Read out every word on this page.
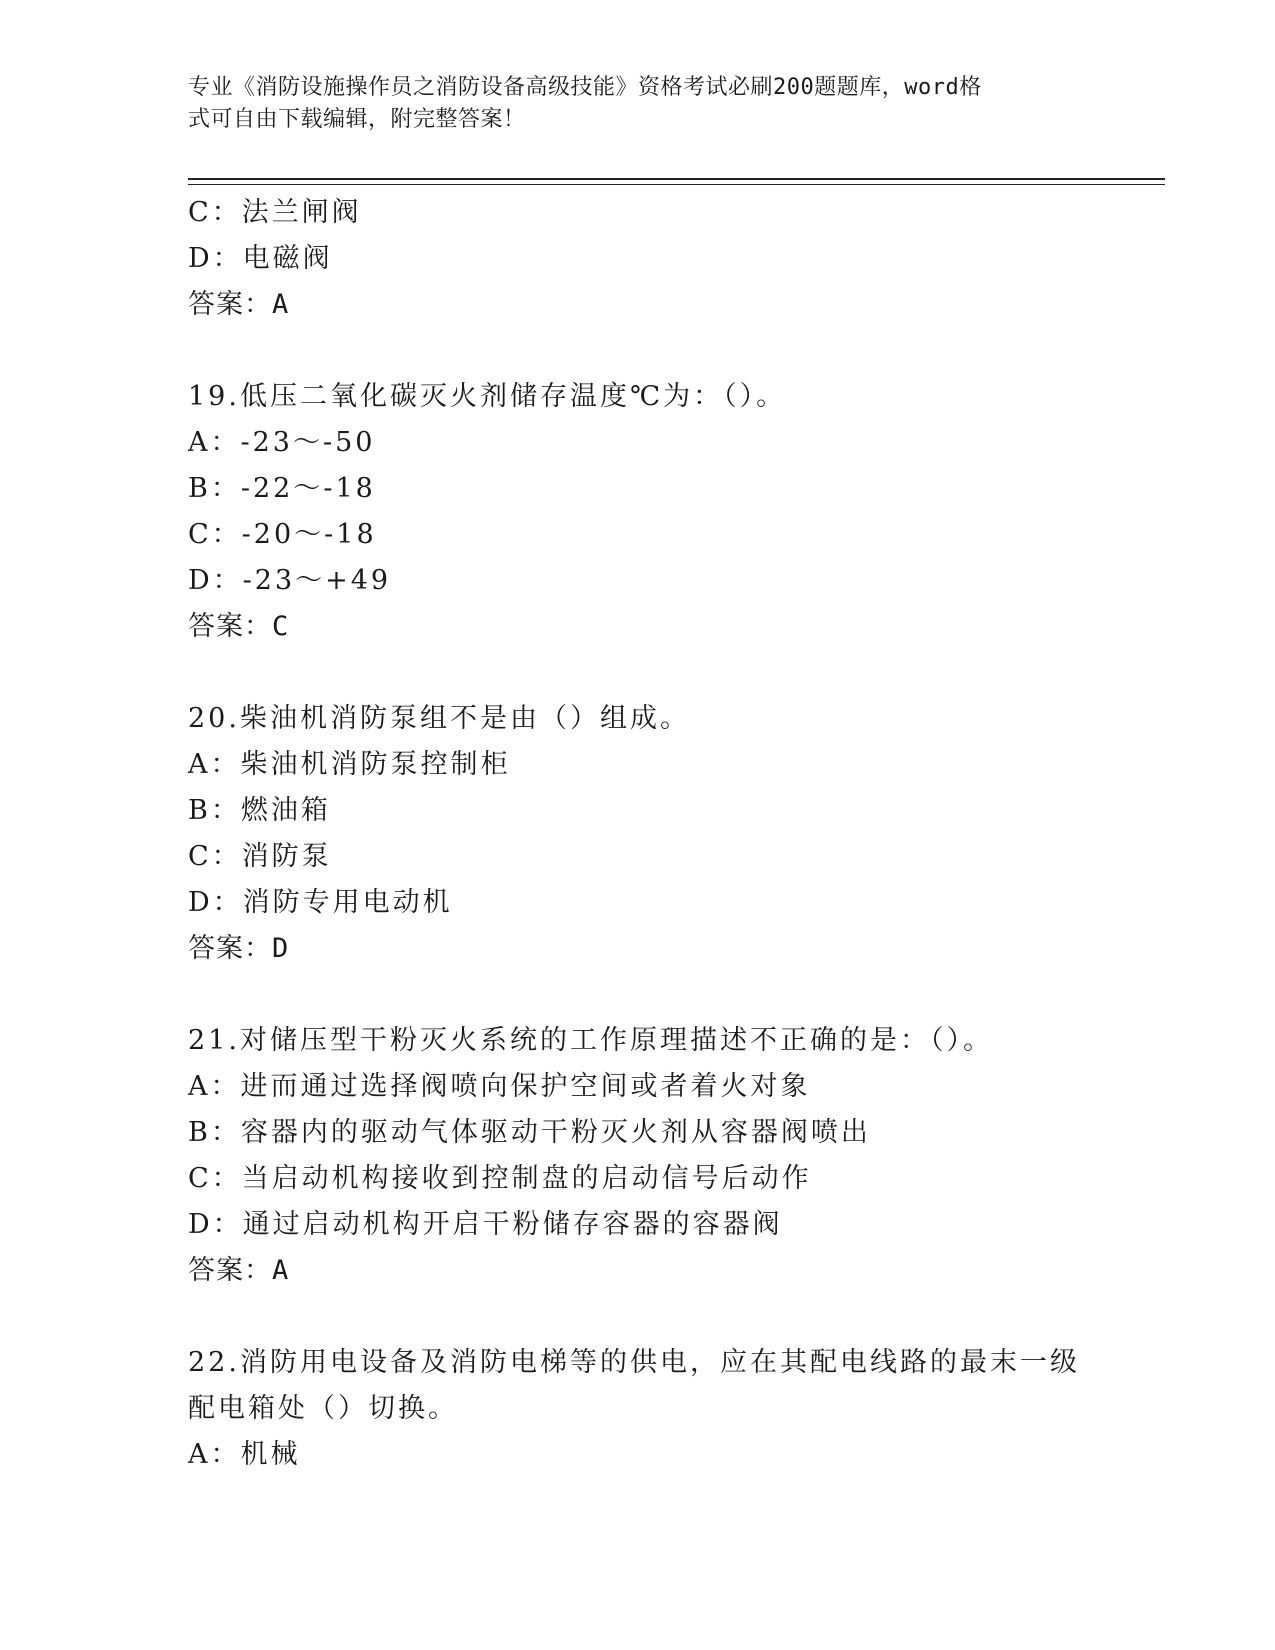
专业《消防设施操作员之消防设备高级技能》资格考试必刷200题题库，word格
式可自由下载编辑，附完整答案！
C：法兰闸阀
D：电磁阀
答案：A
19.低压二氧化碳灭火剂储存温度℃为：（）。
A：-23～-50
B：-22～-18
C：-20～-18
D：-23～+49
答案：C
20.柴油机消防泵组不是由（）组成。
A：柴油机消防泵控制柜
B：燃油箱
C：消防泵
D：消防专用电动机
答案：D
21.对储压型干粉灭火系统的工作原理描述不正确的是：（）。
A：进而通过选择阀喷向保护空间或者着火对象
B：容器内的驱动气体驱动干粉灭火剂从容器阀喷出
C：当启动机构接收到控制盘的启动信号后动作
D：通过启动机构开启干粉储存容器的容器阀
答案：A
22.消防用电设备及消防电梯等的供电，应在其配电线路的最末一级配电箱处（）切换。
A：机械
